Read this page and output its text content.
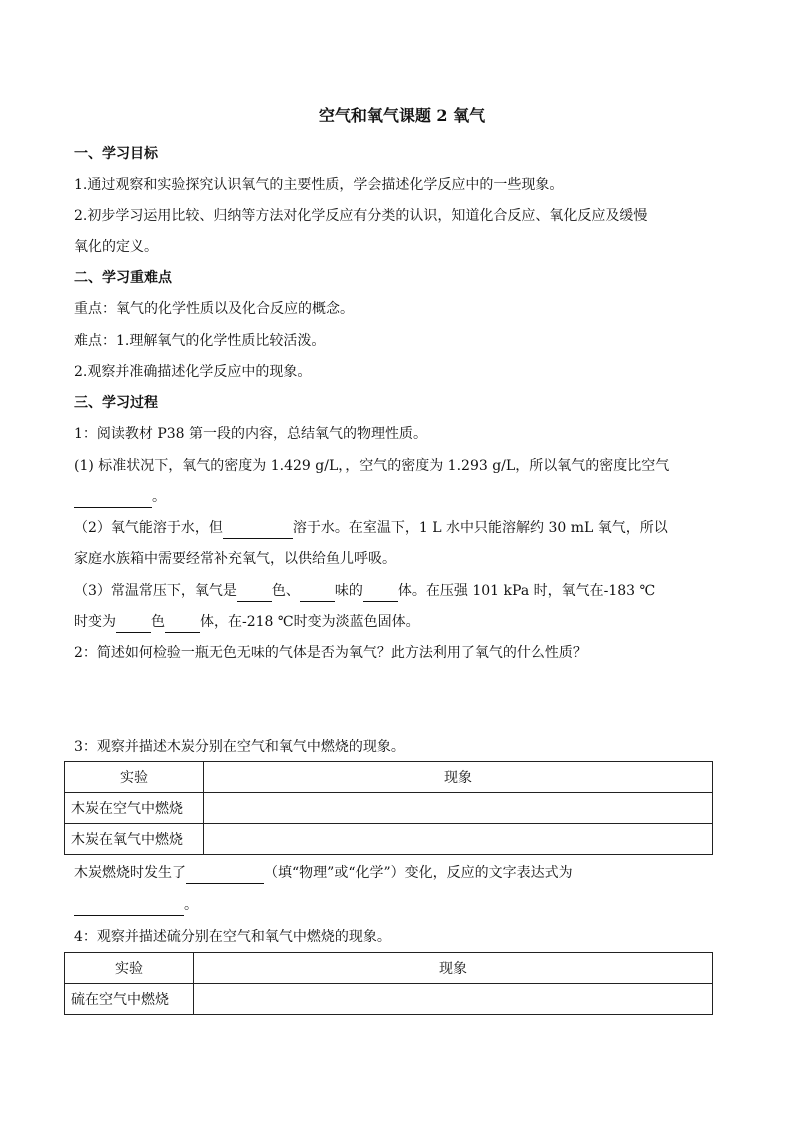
空气和氧气课题 2 氧气
一、学习目标
1.通过观察和实验探究认识氧气的主要性质，学会描述化学反应中的一些现象。
2.初步学习运用比较、归纳等方法对化学反应有分类的认识，知道化合反应、氧化反应及缓慢
氧化的定义。
二、学习重难点
重点：氧气的化学性质以及化合反应的概念。
难点：1.理解氧气的化学性质比较活泼。
2.观察并准确描述化学反应中的现象。
三、学习过程
1：阅读教材 P38 第一段的内容，总结氧气的物理性质。
(1) 标准状况下，氧气的密度为 1.429 g/L，，空气的密度为 1.293 g/L，所以氧气的密度比空气
。
（2）氧气能溶于水，但	溶于水。在室温下，1 L 水中只能溶解约 30 mL 氧气，所以
家庭水族箱中需要经常补充氧气，以供给鱼儿呼吸。
（3）常温常压下，氧气是	色、	味的	体。在压强 101 kPa 时，氧气在-183 ℃
时变为	色	体，在-218 ℃时变为淡蓝色固体。
2：简述如何检验一瓶无色无味的气体是否为氧气？此方法利用了氧气的什么性质？
3：观察并描述木炭分别在空气和氧气中燃烧的现象。
实验	现象
木炭在空气中燃烧	
木炭在氧气中燃烧	
木炭燃烧时发生了	（填“物理”或“化学”）变化，反应的文字表达式为
。
4：观察并描述硫分别在空气和氧气中燃烧的现象。
实验	现象
硫在空气中燃烧	
